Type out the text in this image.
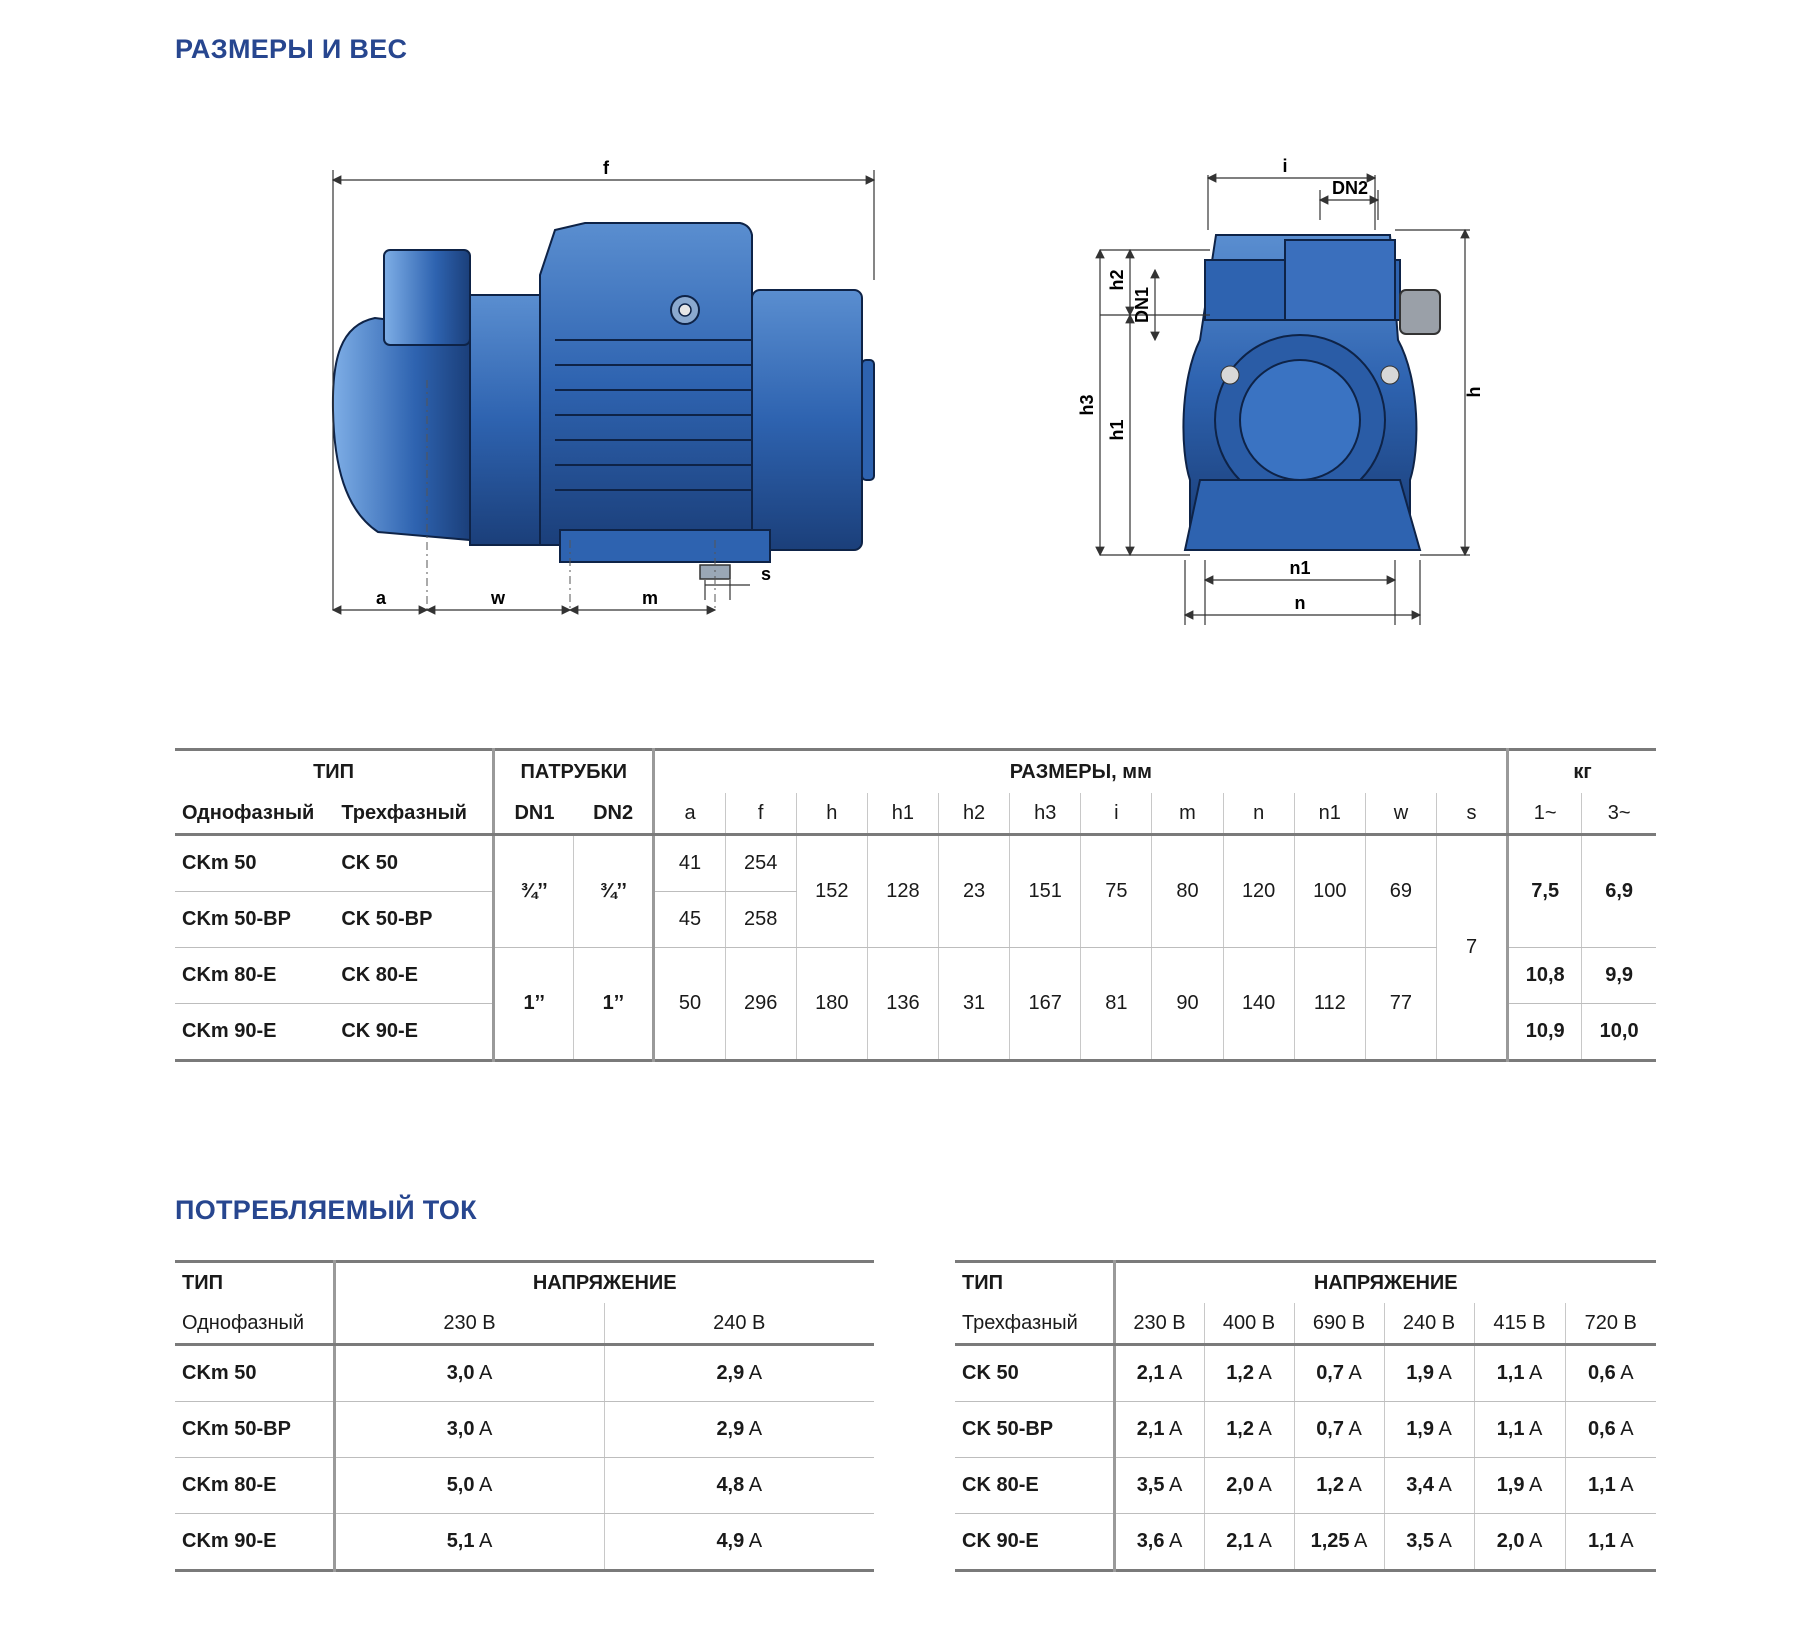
РАЗМЕРЫ И ВЕС
f
a	w	m
s
i
DN2
h2
DN1
h3
h1
h
n1
n
ТИП		ПАТРУБКИ		РАЗМЕРЫ, мм												кг	
Однофазный	Трехфазный	DN1	DN2	a	f	h	h1	h2	h3	i	m	n	n1	w	s	1~	3~
CKm 50	CK 50	¾’’	¾’’	41	254	152	128	23	151	75	80	120	100	69	7	7,5	6,9
CKm 50-BP	CK 50-BP			45	258												
CKm 80-E	CK 80-E	1’’	1’’	50	296	180	136	31	167	81	90	140	112	77		10,8	9,9
CKm 90-E	CK 90-E															10,9	10,0
ПОТРЕБЛЯЕМЫЙ ТОК
ТИП	НАПРЯЖЕНИЕ	
Однофазный	230 В	240 В
CKm 50	3,0 A	2,9 A
CKm 50-BP	3,0 A	2,9 A
CKm 80-E	5,0 A	4,8 A
CKm 90-E	5,1 A	4,9 A
ТИП	НАПРЯЖЕНИЕ					
Трехфазный	230 В	400 В	690 В	240 В	415 В	720 В
CK 50	2,1 A	1,2 A	0,7 A	1,9 A	1,1 A	0,6 A
CK 50-BP	2,1 A	1,2 A	0,7 A	1,9 A	1,1 A	0,6 A
CK 80-E	3,5 A	2,0 A	1,2 A	3,4 A	1,9 A	1,1 A
CK 90-E	3,6 A	2,1 A	1,25 A	3,5 A	2,0 A	1,1 A
